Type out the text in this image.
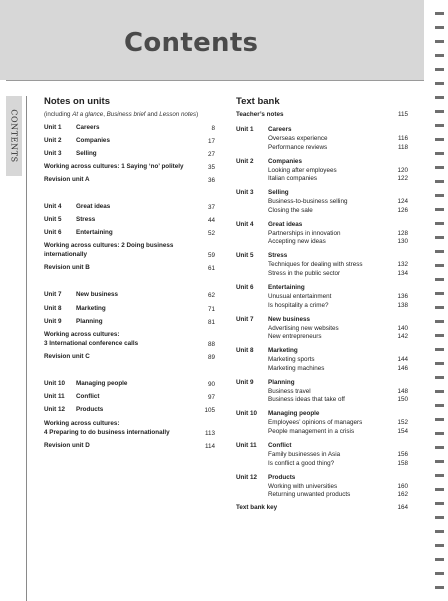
Contents
CONTENTS
Notes on units
(including At a glance, Business brief and Lesson notes)
Unit 1 Careers	8
Unit 2 Companies	17
Unit 3 Selling	27
Working across cultures: 1 Saying ‘no’ politely	35
Revision unit A	36
Unit 4 Great ideas	37
Unit 5 Stress	44
Unit 6 Entertaining	52
Working across cultures: 2 Doing business
internationally	59
Revision unit B	61
Unit 7 New business	62
Unit 8 Marketing	71
Unit 9 Planning	81
Working across cultures:
3 International conference calls	88
Revision unit C	89
Unit 10 Managing people	90
Unit 11 Conflict	97
Unit 12 Products	105
Working across cultures:
4 Preparing to do business internationally	113
Revision unit D	114
Text bank
Teacher’s notes	115
Unit 1 Careers
Overseas experience	116
Performance reviews	118
Unit 2 Companies
Looking after employees	120
Italian companies	122
Unit 3 Selling
Business-to-business selling	124
Closing the sale	126
Unit 4 Great ideas
Partnerships in innovation	128
Accepting new ideas	130
Unit 5 Stress
Techniques for dealing with stress	132
Stress in the public sector	134
Unit 6 Entertaining
Unusual entertainment	136
Is hospitality a crime?	138
Unit 7 New business
Advertising new websites	140
New entrepreneurs	142
Unit 8 Marketing
Marketing sports	144
Marketing machines	146
Unit 9 Planning
Business travel	148
Business ideas that take off	150
Unit 10 Managing people
Employees’ opinions of managers	152
People management in a crisis	154
Unit 11 Conflict
Family businesses in Asia	156
Is conflict a good thing?	158
Unit 12 Products
Working with universities	160
Returning unwanted products	162
Text bank key	164
